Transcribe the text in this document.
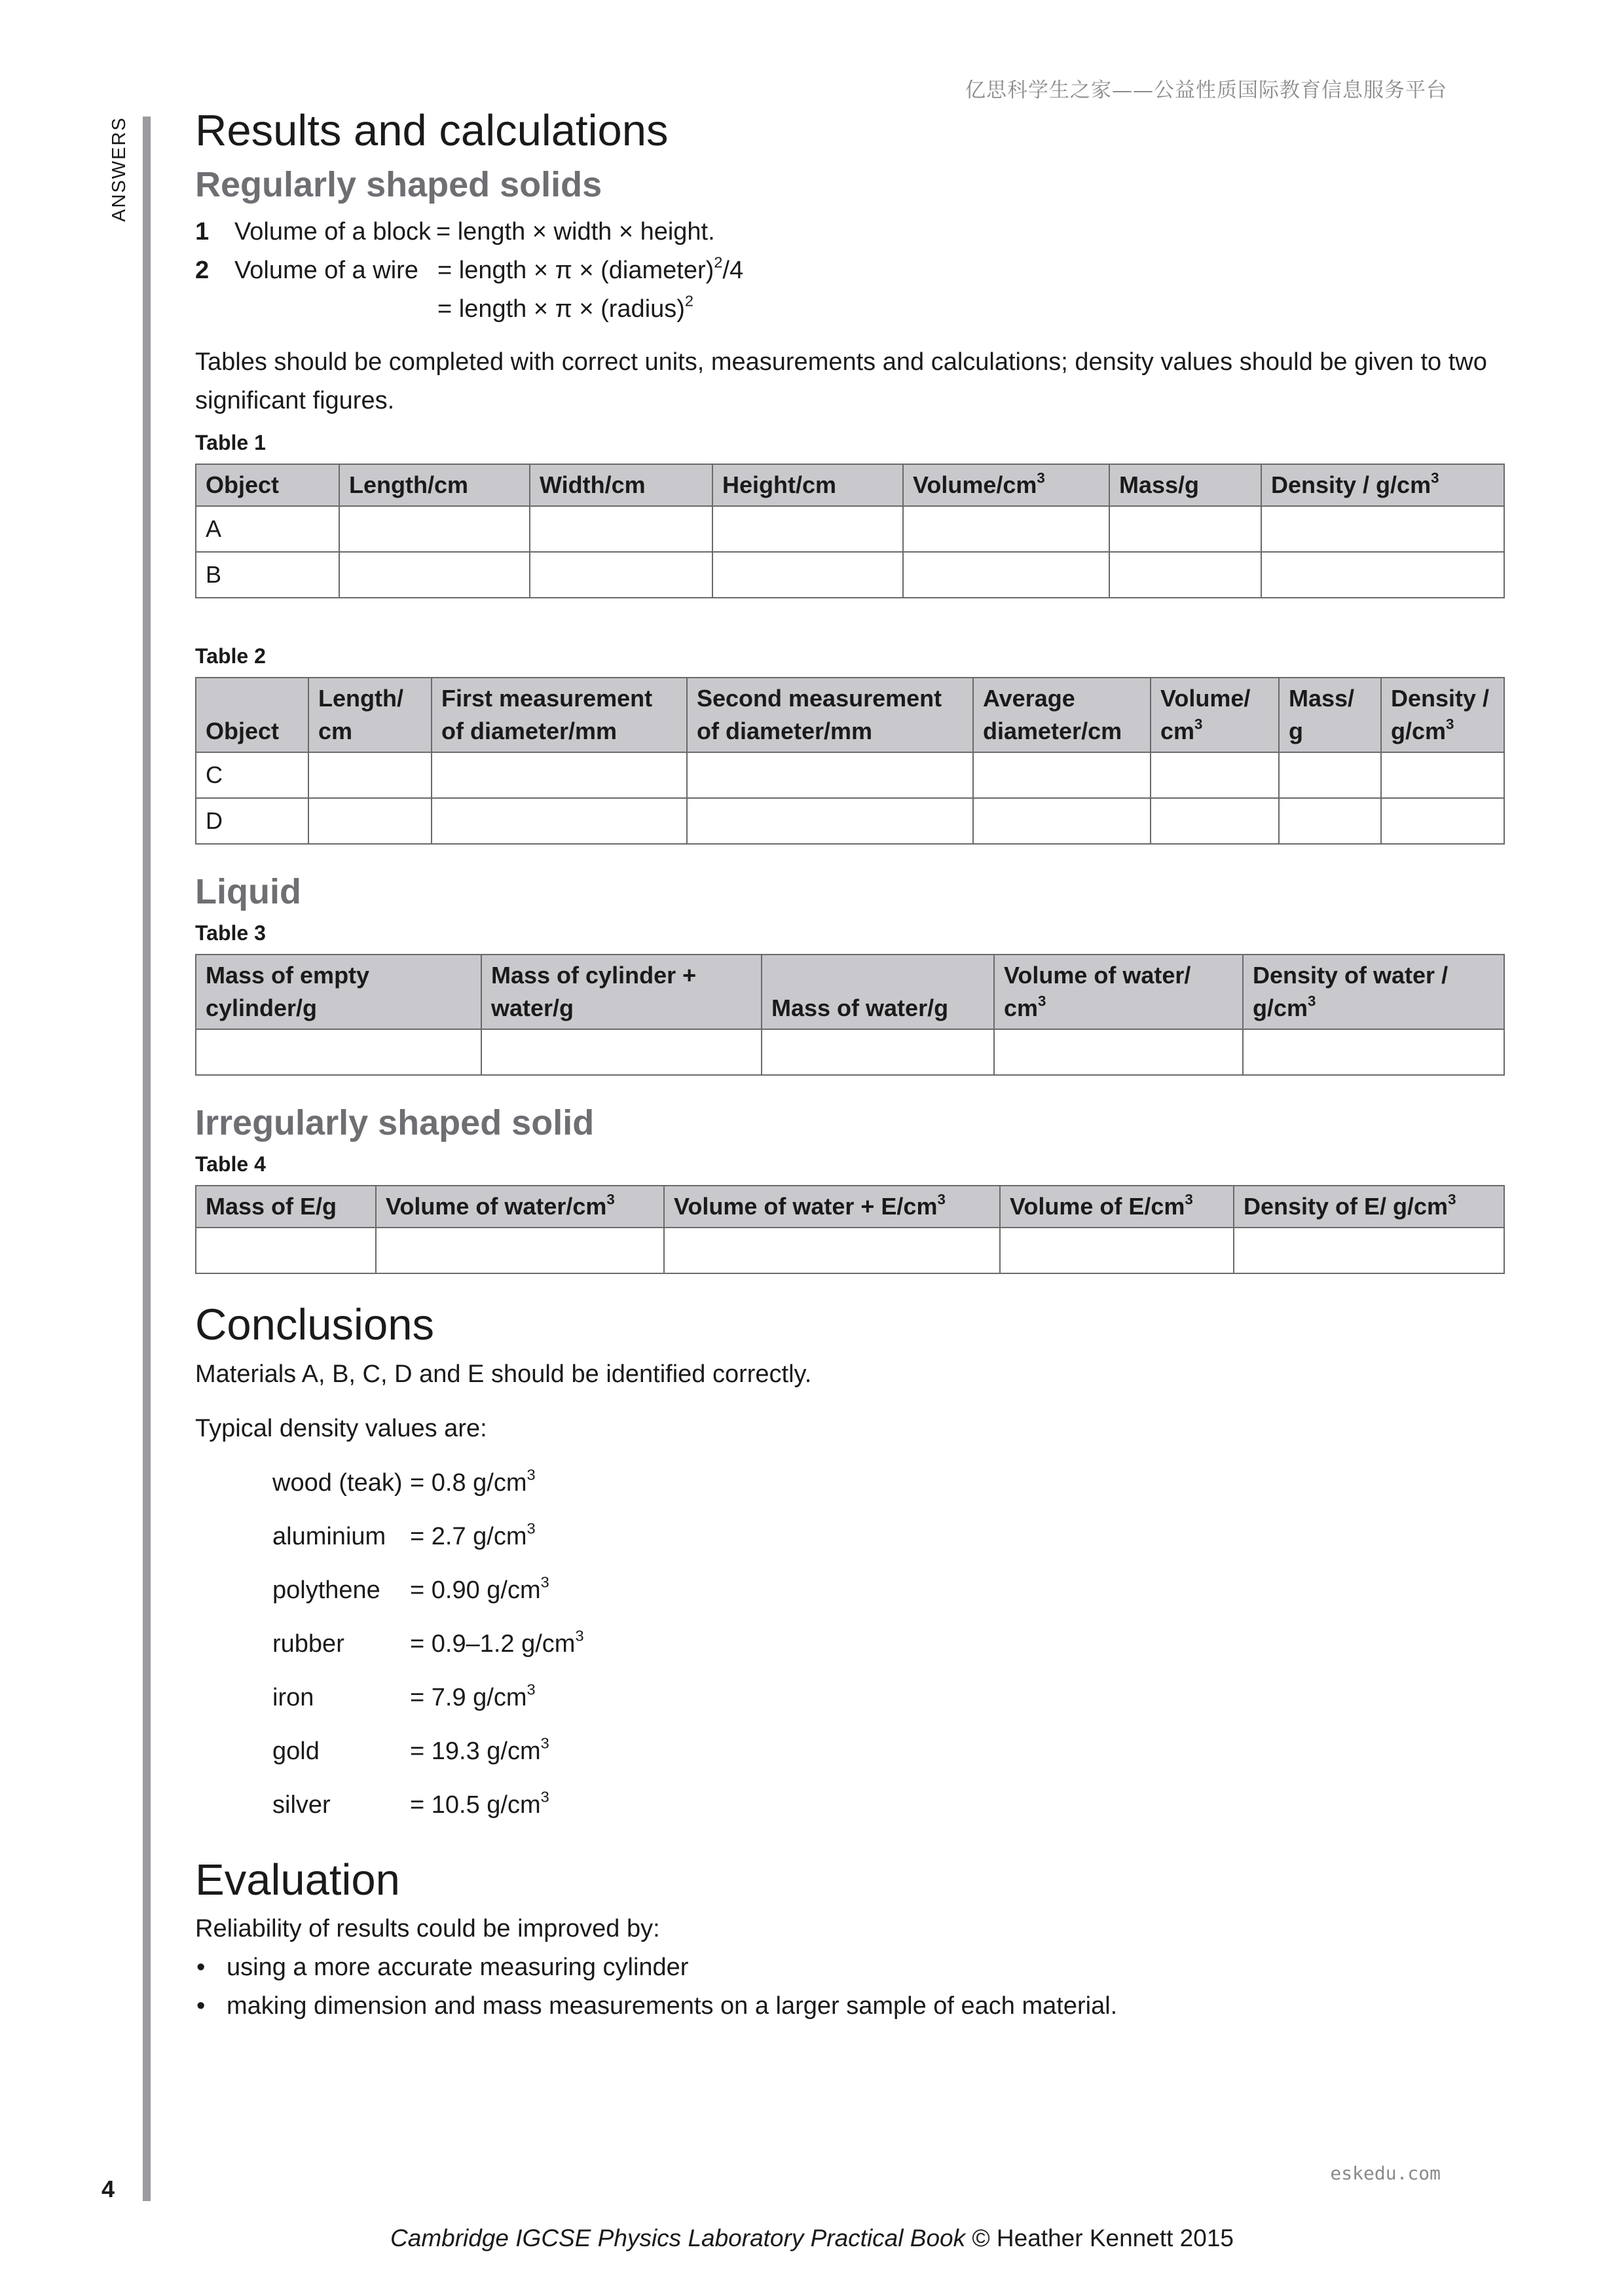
亿思科学生之家——公益性质国际教育信息服务平台
ANSWERS Results and calculations
Regularly shaped solids
1	Volume of a block = length × width × height.
2	Volume of a wire = length × π × (diameter)$^2$/4
= length × π × (radius)$^2$

Tables should be completed with correct units, measurements and calculations; density values should be given to two significant figures.

Table 1

Object	Length/cm	Width/cm	Height/cm	Volume/$cm^3$	Mass/g	Density / $g/cm^3$
A						
B						

Table 2

Object	Length/ cm	First measurement of diameter/mm	Second measurement of diameter/mm	Average diameter/cm	Volume/ $cm^3$	Mass/ g	Density / $g/cm^3$
C							
D							
Liquid

Table 3

Mass of empty cylinder/g	Mass of cylinder + water/g	Mass of water/g	Volume of water/ $cm^3$	Density of water / $g/cm^3$

Irregularly shaped solid

Table 4

Mass of E/g	Volume of water/$cm^3$	Volume of water + $E/cm^3$	Volume of $E/cm^3$	Density of E/ $g/cm^3$

Conclusions

Materials A, B, C, D and E should be identified correctly.

Typical density values are:

wood (teak) = 0.8 $g/cm^3$
aluminium = 2.7 $g/cm^3$
polythene	= 0.90 $g/cm^3$
rubber	= 0.9–1.2 $g/cm^3$
iron	= 7.9 $g/cm^3$
gold	= 19.3 $g/cm^3$
silver	= 10.5 $g/cm^3$
Evaluation

Reliability of results could be improved by:

• using a more accurate measuring cylinder
• making dimension and mass measurements on a larger sample of each material.
eskedu.com
4
Cambridge IGCSE Physics Laboratory Practical Book © Heather Kennett 2015
